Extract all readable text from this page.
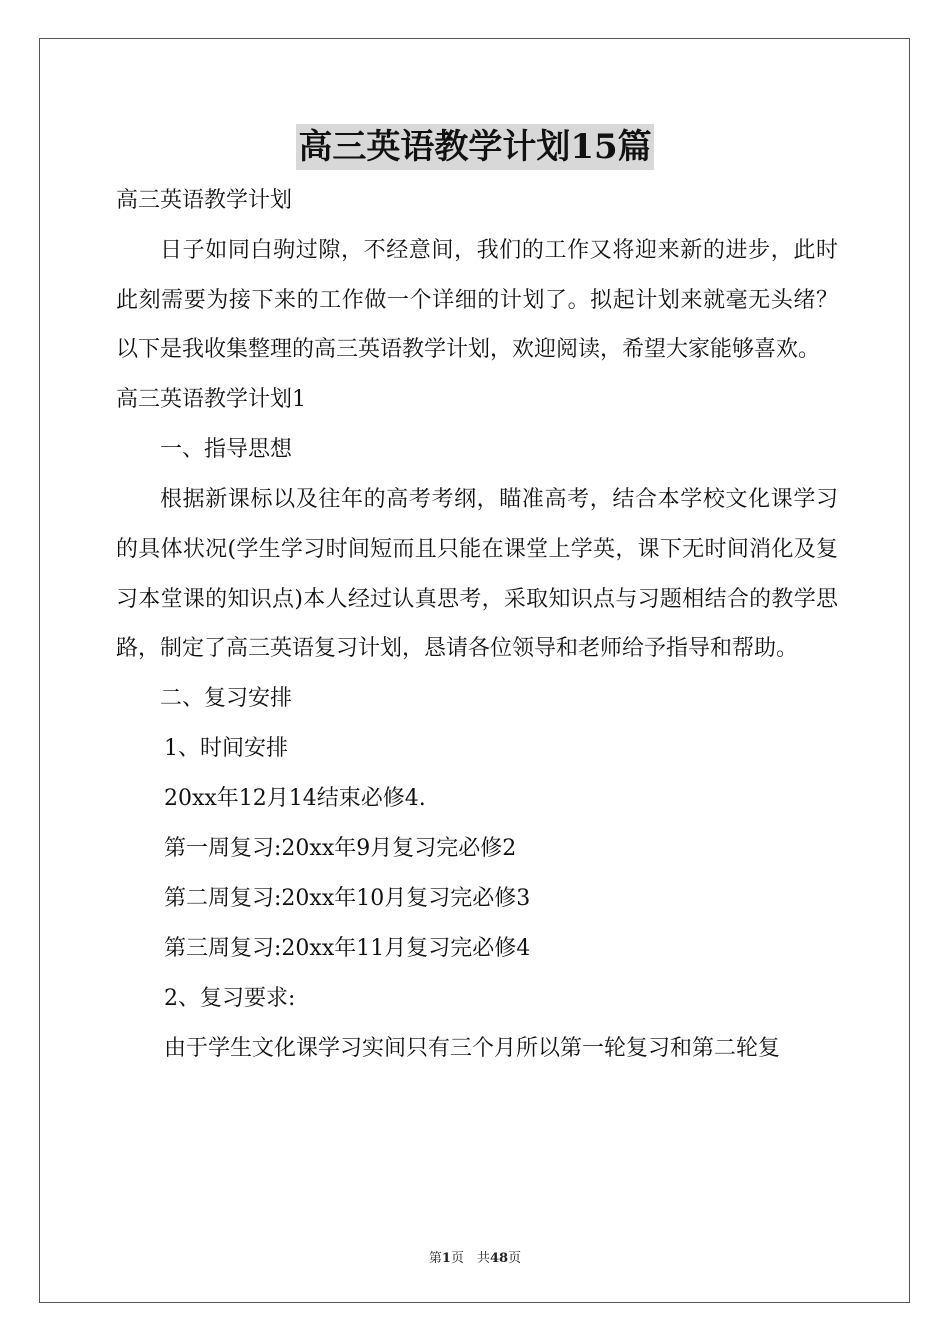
高三英语教学计划15篇

高三英语教学计划

日子如同白驹过隙，不经意间，我们的工作又将迎来新的进步，此时此刻需要为接下来的工作做一个详细的计划了。拟起计划来就毫无头绪？以下是我收集整理的高三英语教学计划，欢迎阅读，希望大家能够喜欢。

高三英语教学计划1

一、指导思想

根据新课标以及往年的高考考纲，瞄准高考，结合本学校文化课学习的具体状况(学生学习时间短而且只能在课堂上学英，课下无时间消化及复习本堂课的知识点)本人经过认真思考，采取知识点与习题相结合的教学思路，制定了高三英语复习计划，恳请各位领导和老师给予指导和帮助。

二、复习安排

1、时间安排

20xx年12月14结束必修4.

第一周复习:20xx年9月复习完必修2

第二周复习:20xx年10月复习完必修3

第三周复习:20xx年11月复习完必修4

2、复习要求:

由于学生文化课学习实间只有三个月所以第一轮复习和第二轮复

第1页　共48页
